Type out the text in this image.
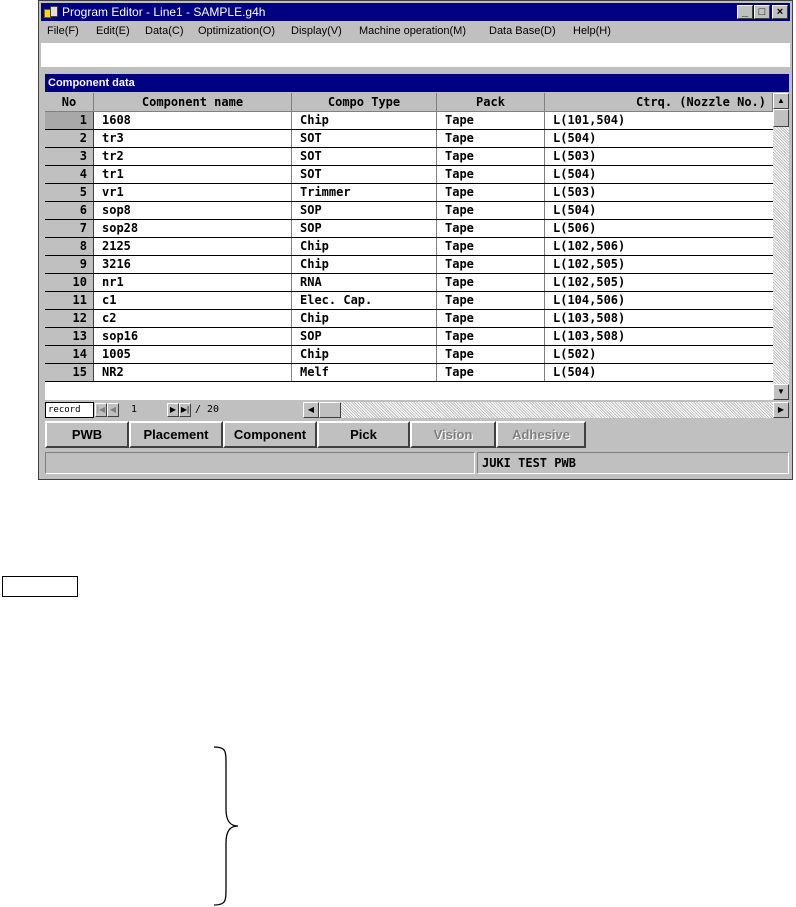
Program Editor - Line1 - SAMPLE.g4h	_ □	×
File(F) Edit(E) Data(C) Optimization(O) Display(V) Machine operation(M) Data Base(D) Help(H)
Component data
No	Component name	Compo Type	Pack	Ctrq. (Nozzle No.)
1	1608	Chip	Tape	L(101,504)
2	tr3	SOT	Tape	L(504)
3	tr2	SOT	Tape	L(503)
4	tr1	SOT	Tape	L(504)
5	vr1	Trimmer	Tape	L(503)
6	sop8	SOP	Tape	L(504)
7	sop28	SOP	Tape	L(506)
8	2125	Chip	Tape	L(102,506)
9	3216	Chip	Tape	L(102,505)
10	nr1	RNA	Tape	L(102,505)
11	c1	Elec. Cap.	Tape	L(104,506)
12	c2	Chip	Tape	L(103,508)
13	sop16	SOP	Tape	L(103,508)
14	1005	Chip	Tape	L(502)
15	NR2	Melf	Tape	L(504)
▲
▼
record	|◀ ◀ 1	▶ ▶| / 20	◀	▶
PWB	Placement	Component	Pick	Vision	Adhesive
JUKI TEST PWB
